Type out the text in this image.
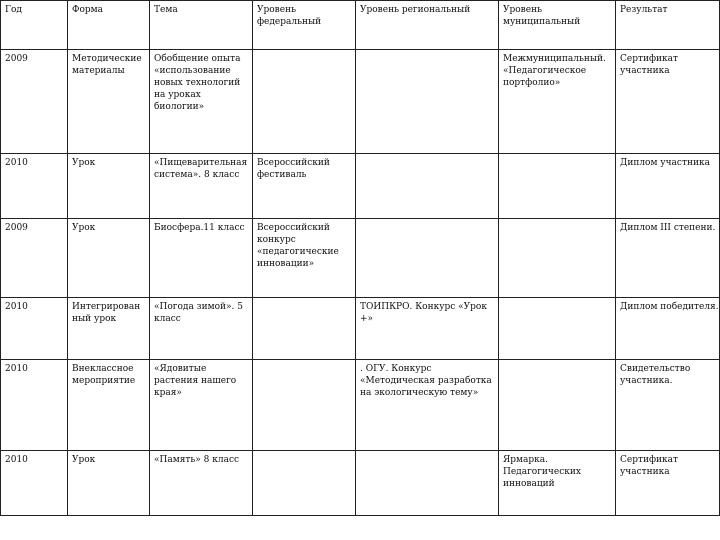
Год	Форма	Тема	Уровень федеральный	Уровень региональный	Уровень муниципальный	Результат
2009	Методические материалы	Обобщение опыта «использование новых технологий на уроках биологии»			Межмуниципальный. «Педагогическое портфолио»	Сертификат участника
2010	Урок	«Пищеварительная система». 8 класс	Всероссийский фестиваль			Диплом участника

2009	Урок	Биосфера.11 класс	Всероссийский конкурс «педагогические инновации»			Диплом III степени.

2010	Интегрированный урок	«Погода зимой». 5 класс		ТОИПКРО. Конкурс «Урок +»		Диплом победителя.

2010	Внеклассное мероприятие	«Ядовитые растения нашего края»		. ОГУ. Конкурс «Методическая разработка на экологическую тему»		Свидетельство участника.
2010	Урок	«Память» 8 класс			Ярмарка. Педагогических инноваций	Сертификат участника
